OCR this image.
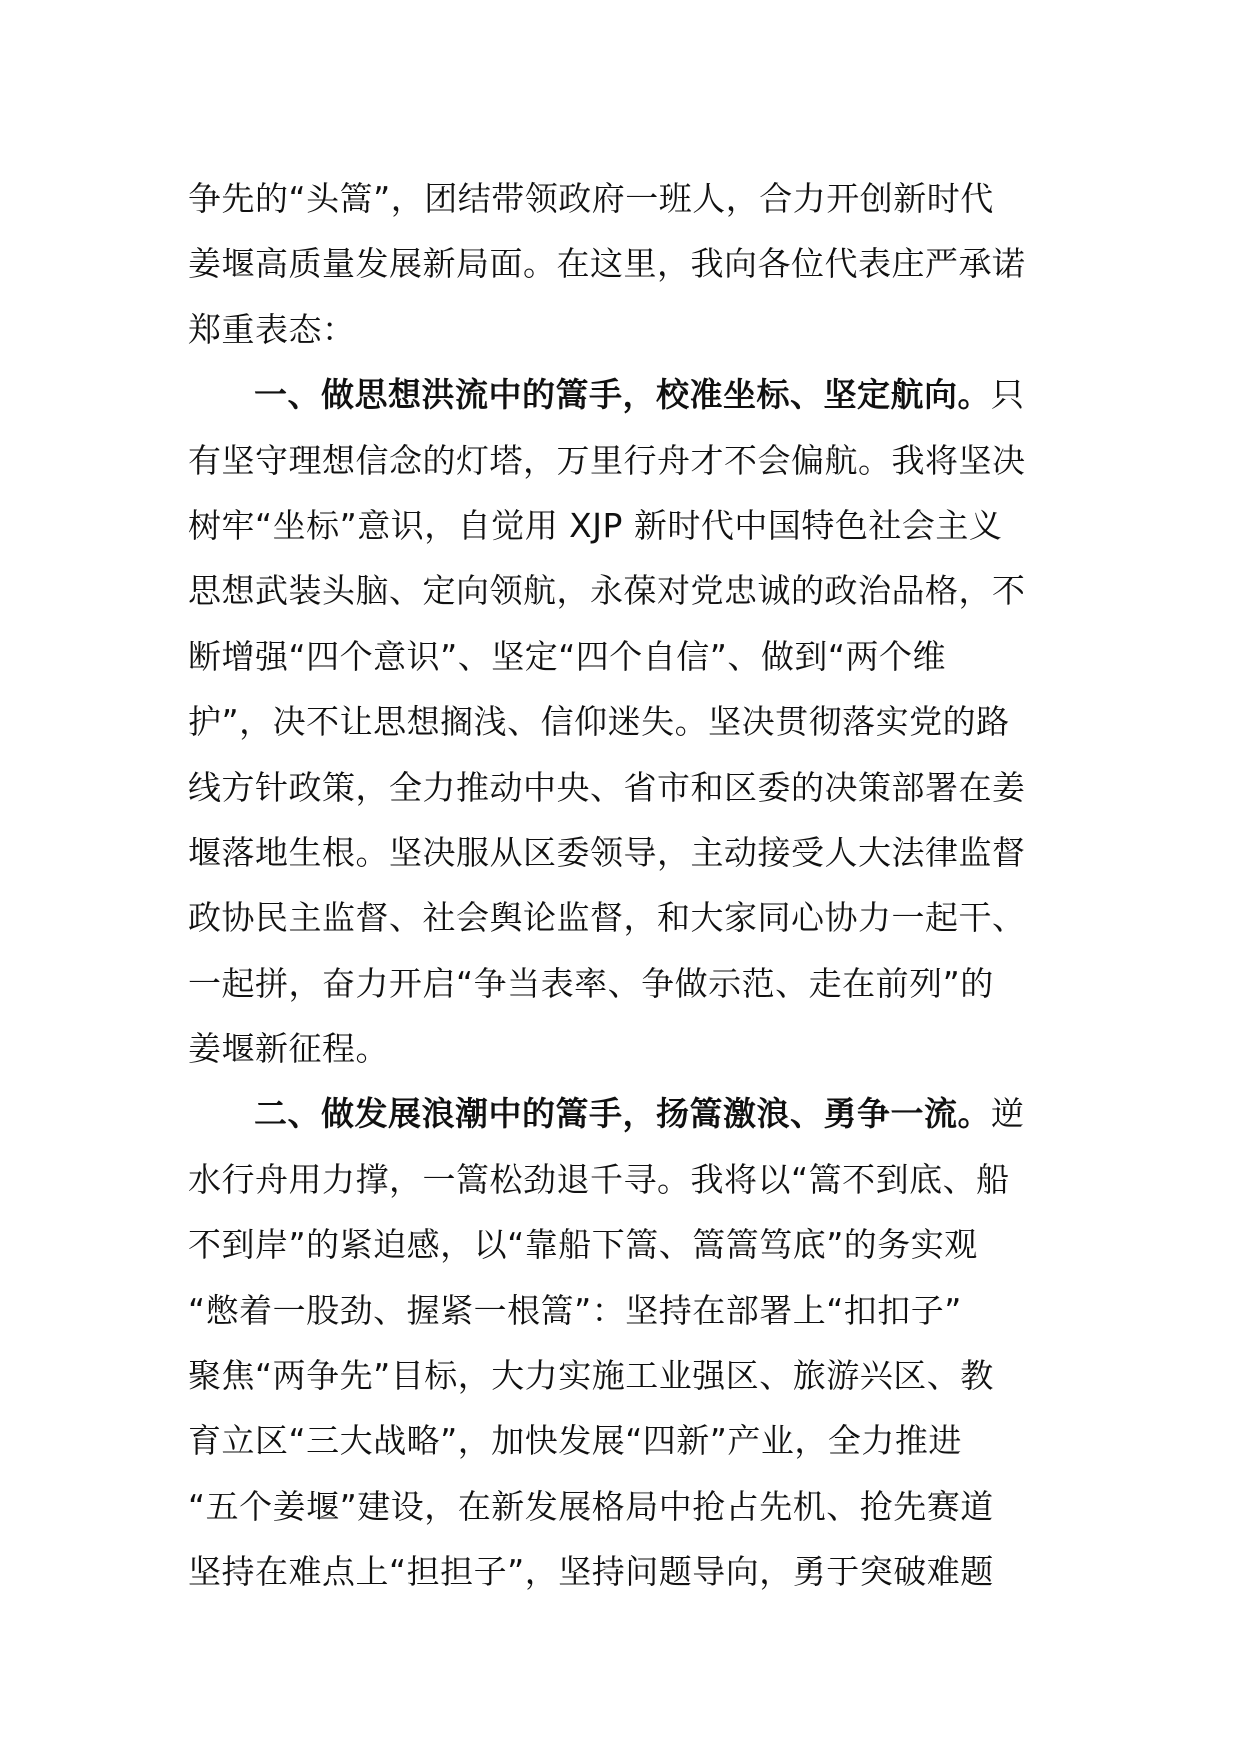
争先的“头篙”，团结带领政府一班人，合力开创新时代
姜堰高质量发展新局面。在这里，我向各位代表庄严承诺
郑重表态：
一、做思想洪流中的篙手，校准坐标、坚定航向。只
有坚守理想信念的灯塔，万里行舟才不会偏航。我将坚决
树牢“坐标”意识，自觉用 XJP 新时代中国特色社会主义
思想武装头脑、定向领航，永葆对党忠诚的政治品格，不
断增强“四个意识”、坚定“四个自信”、做到“两个维
护”，决不让思想搁浅、信仰迷失。坚决贯彻落实党的路
线方针政策，全力推动中央、省市和区委的决策部署在姜
堰落地生根。坚决服从区委领导，主动接受人大法律监督
政协民主监督、社会舆论监督，和大家同心协力一起干、
一起拼，奋力开启“争当表率、争做示范、走在前列”的
姜堰新征程。
二、做发展浪潮中的篙手，扬篙激浪、勇争一流。逆
水行舟用力撑，一篙松劲退千寻。我将以“篙不到底、船
不到岸”的紧迫感，以“靠船下篙、篙篙笃底”的务实观
“憋着一股劲、握紧一根篙”：坚持在部署上“扣扣子”
聚焦“两争先”目标，大力实施工业强区、旅游兴区、教
育立区“三大战略”，加快发展“四新”产业，全力推进
“五个姜堰”建设，在新发展格局中抢占先机、抢先赛道
坚持在难点上“担担子”，坚持问题导向，勇于突破难题
